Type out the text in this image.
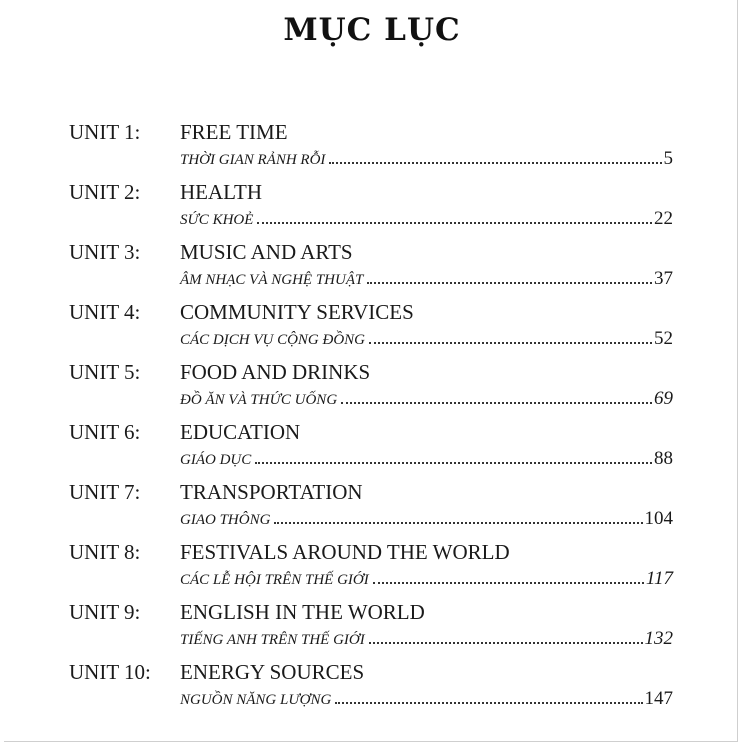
MỤC LỤC
UNIT 1: FREE TIME
THỜI GIAN RẢNH RỖI	5
UNIT 2: HEALTH
SỨC KHOẺ	22
UNIT 3: MUSIC AND ARTS
ÂM NHẠC VÀ NGHỆ THUẬT	37
UNIT 4: COMMUNITY SERVICES
CÁC DỊCH VỤ CỘNG ĐỒNG	52
UNIT 5: FOOD AND DRINKS
ĐỒ ĂN VÀ THỨC UỐNG	69
UNIT 6: EDUCATION
GIÁO DỤC	88
UNIT 7: TRANSPORTATION
GIAO THÔNG	104
UNIT 8: FESTIVALS AROUND THE WORLD
CÁC LỄ HỘI TRÊN THẾ GIỚI	117
UNIT 9: ENGLISH IN THE WORLD
TIẾNG ANH TRÊN THẾ GIỚI	132
UNIT 10: ENERGY SOURCES
NGUỒN NĂNG LƯỢNG	147
